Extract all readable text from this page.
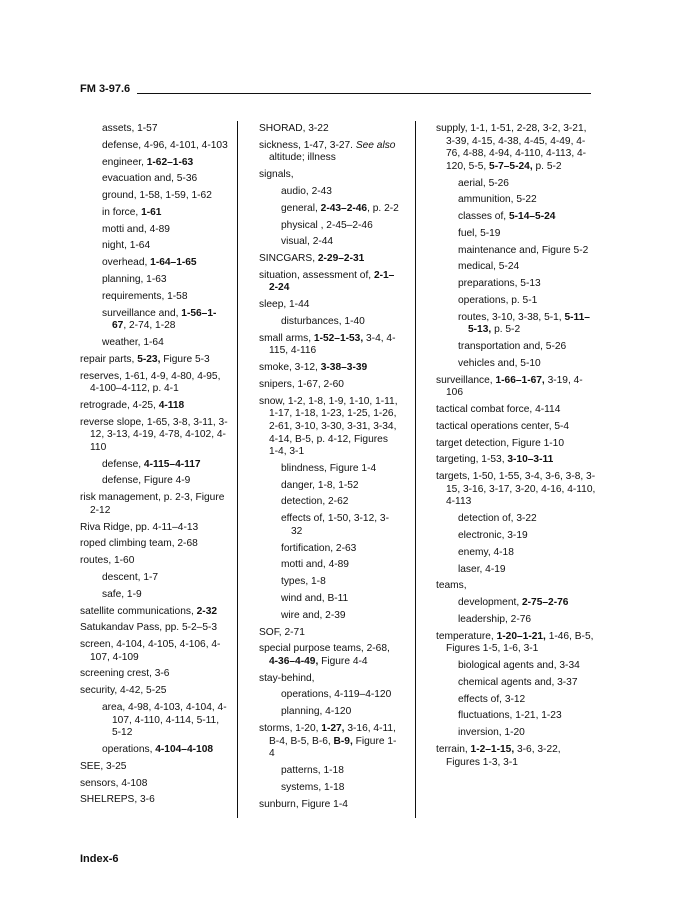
FM 3-97.6
assets, 1-57
defense, 4-96, 4-101, 4-103
engineer, 1-62–1-63
evacuation and, 5-36
ground, 1-58, 1-59, 1-62
in force, 1-61
motti and, 4-89
night, 1-64
overhead, 1-64–1-65
planning, 1-63
requirements, 1-58
surveillance and, 1-56–1-67, 2-74, 1-28
weather, 1-64
repair parts, 5-23, Figure 5-3
reserves, 1-61, 4-9, 4-80, 4-95, 4-100–4-112, p. 4-1
retrograde, 4-25, 4-118
reverse slope, 1-65, 3-8, 3-11, 3-12, 3-13, 4-19, 4-78, 4-102, 4-110
defense, 4-115–4-117
defense, Figure 4-9
risk management, p. 2-3, Figure 2-12
Riva Ridge, pp. 4-11–4-13
roped climbing team, 2-68
routes, 1-60
descent, 1-7
safe, 1-9
satellite communications, 2-32
Satukandav Pass, pp. 5-2–5-3
screen, 4-104, 4-105, 4-106, 4-107, 4-109
screening crest, 3-6
security, 4-42, 5-25
area, 4-98, 4-103, 4-104, 4-107, 4-110, 4-114, 5-11, 5-12
operations, 4-104–4-108
SEE, 3-25
sensors, 4-108
SHELREPS, 3-6
SHORAD, 3-22
sickness, 1-47, 3-27. See also altitude; illness
signals,
audio, 2-43
general, 2-43–2-46, p. 2-2
physical , 2-45–2-46
visual, 2-44
SINCGARS, 2-29–2-31
situation, assessment of, 2-1–2-24
sleep, 1-44
disturbances, 1-40
small arms, 1-52–1-53, 3-4, 4-115, 4-116
smoke, 3-12, 3-38–3-39
snipers, 1-67, 2-60
snow, 1-2, 1-8, 1-9, 1-10, 1-11, 1-17, 1-18, 1-23, 1-25, 1-26, 2-61, 3-10, 3-30, 3-31, 3-34, 4-14, B-5, p. 4-12, Figures 1-4, 3-1
blindness, Figure 1-4
danger, 1-8, 1-52
detection, 2-62
effects of, 1-50, 3-12, 3-32
fortification, 2-63
motti and, 4-89
types, 1-8
wind and, B-11
wire and, 2-39
SOF, 2-71
special purpose teams, 2-68, 4-36–4-49, Figure 4-4
stay-behind,
operations, 4-119–4-120
planning, 4-120
storms, 1-20, 1-27, 3-16, 4-11, B-4, B-5, B-6, B-9, Figure 1-4
patterns, 1-18
systems, 1-18
sunburn, Figure 1-4
supply, 1-1, 1-51, 2-28, 3-2, 3-21, 3-39, 4-15, 4-38, 4-45, 4-49, 4-76, 4-88, 4-94, 4-110, 4-113, 4-120, 5-5, 5-7–5-24, p. 5-2
aerial, 5-26
ammunition, 5-22
classes of, 5-14–5-24
fuel, 5-19
maintenance and, Figure 5-2
medical, 5-24
preparations, 5-13
operations, p. 5-1
routes, 3-10, 3-38, 5-1, 5-11–5-13, p. 5-2
transportation and, 5-26
vehicles and, 5-10
surveillance, 1-66–1-67, 3-19, 4-106
tactical combat force, 4-114
tactical operations center, 5-4
target detection, Figure 1-10
targeting, 1-53, 3-10–3-11
targets, 1-50, 1-55, 3-4, 3-6, 3-8, 3-15, 3-16, 3-17, 3-20, 4-16, 4-110, 4-113
detection of, 3-22
electronic, 3-19
enemy, 4-18
laser, 4-19
teams,
development, 2-75–2-76
leadership, 2-76
temperature, 1-20–1-21, 1-46, B-5, Figures 1-5, 1-6, 3-1
biological agents and, 3-34
chemical agents and, 3-37
effects of, 3-12
fluctuations, 1-21, 1-23
inversion, 1-20
terrain, 1-2–1-15, 3-6, 3-22, Figures 1-3, 3-1
Index-6
